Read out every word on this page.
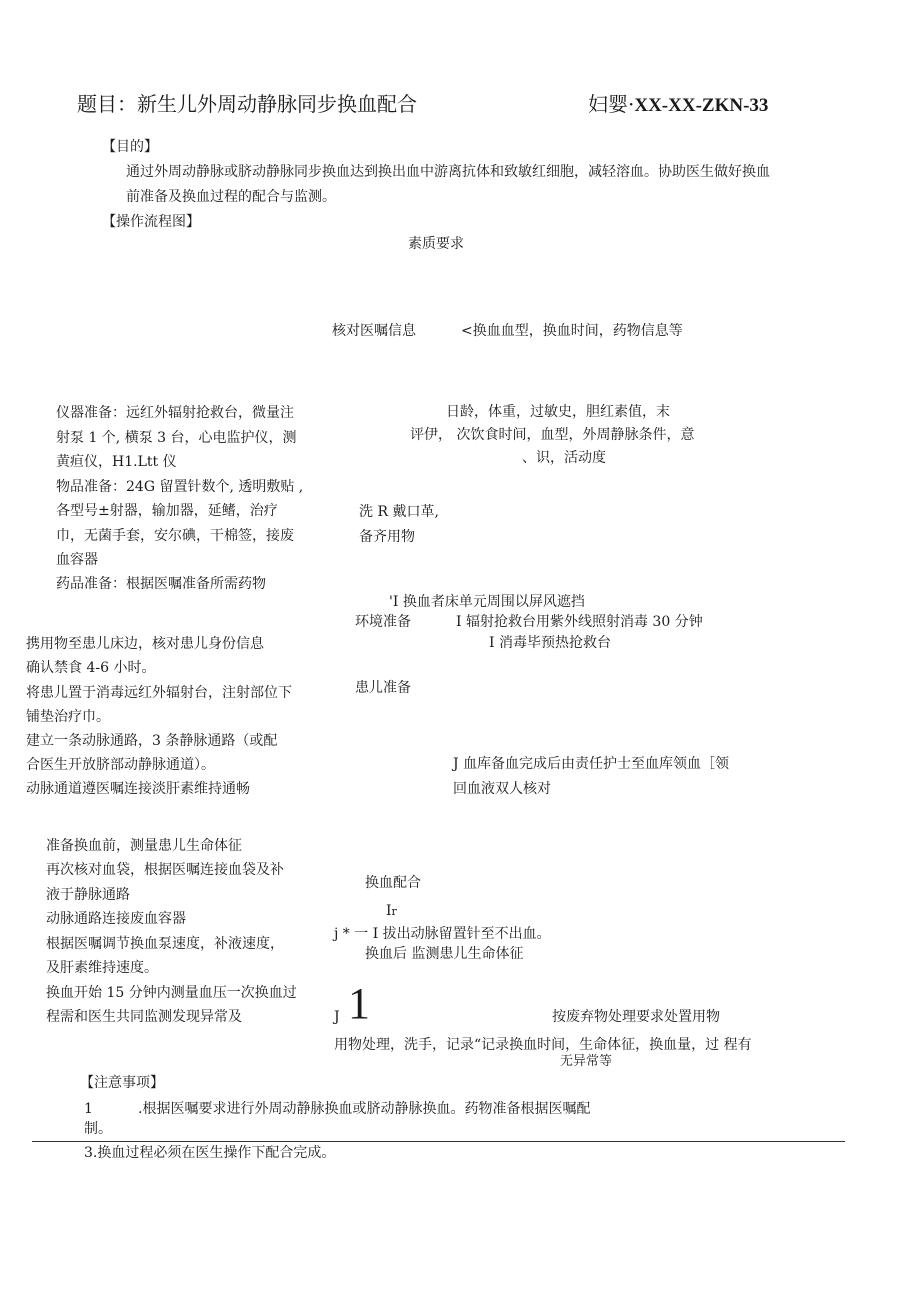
题目：新生儿外周动静脉同步换血配合	妇婴·XX-XX-ZKN-33
【目的】
通过外周动静脉或脐动静脉同步换血达到换出血中游离抗体和致敏红细胞，减轻溶血。协助医生做好换血
前准备及换血过程的配合与监测。
【操作流程图】
素质要求
核对医嘱信息	<换血血型，换血时间，药物信息等
日龄，体重，过敏史，胆红素值，末
评伊， 次饮食时间，血型，外周静脉条件，意
、识，活动度
仪器准备：远红外辐射抢救台，微量注
射泵 1 个, 横泵 3 台，心电监护仪，测
黄疸仪，H1.Ltt 仪
物品准备：24G 留置针数个, 透明敷贴 ,
各型号±射器，输加器，延鳍，治疗
巾，无菌手套，安尔碘，干棉签，接废
血容器
药品准备：根据医嘱准备所需药物
洗 R 戴口革,
备齐用物
'I 换血者床单元周围以屏风遮挡
环境准备	I 辐射抢救台用紫外线照射消毒 30 分钟
I 消毒毕预热抢救台
携用物至患儿床边，核对患儿身份信息
确认禁食 4-6 小时。
将患儿置于消毒远红外辐射台，注射部位下
铺垫治疗巾。
建立一条动脉通路，3 条静脉通路（或配
合医生开放脐部动静脉通道）。
动脉通道遵医嘱连接淡肝素维持通畅
患儿准备
J 血库备血完成后由责任护士至血库领血［领
回血液双人核对
准备换血前，测量患儿生命体征
再次核对血袋，根据医嘱连接血袋及补
液于静脉通路
动脉通路连接废血容器
根据医嘱调节换血泵速度，补液速度，
及肝素维持速度。
换血开始 15 分钟内测量血压一次换血过
程需和医生共同监测发现异常及
换血配合
Ir
j * 一 I 拔出动脉留置针至不出血。
换血后 监测患儿生命体征
J 1	按废弃物处理要求处置用物
用物处理，洗手，记录“记录换血时间，生命体征，换血量，过 程有
无异常等
【注意事项】
1	.根据医嘱要求进行外周动静脉换血或脐动静脉换血。药物准备根据医嘱配
制。
3.换血过程必须在医生操作下配合完成。
